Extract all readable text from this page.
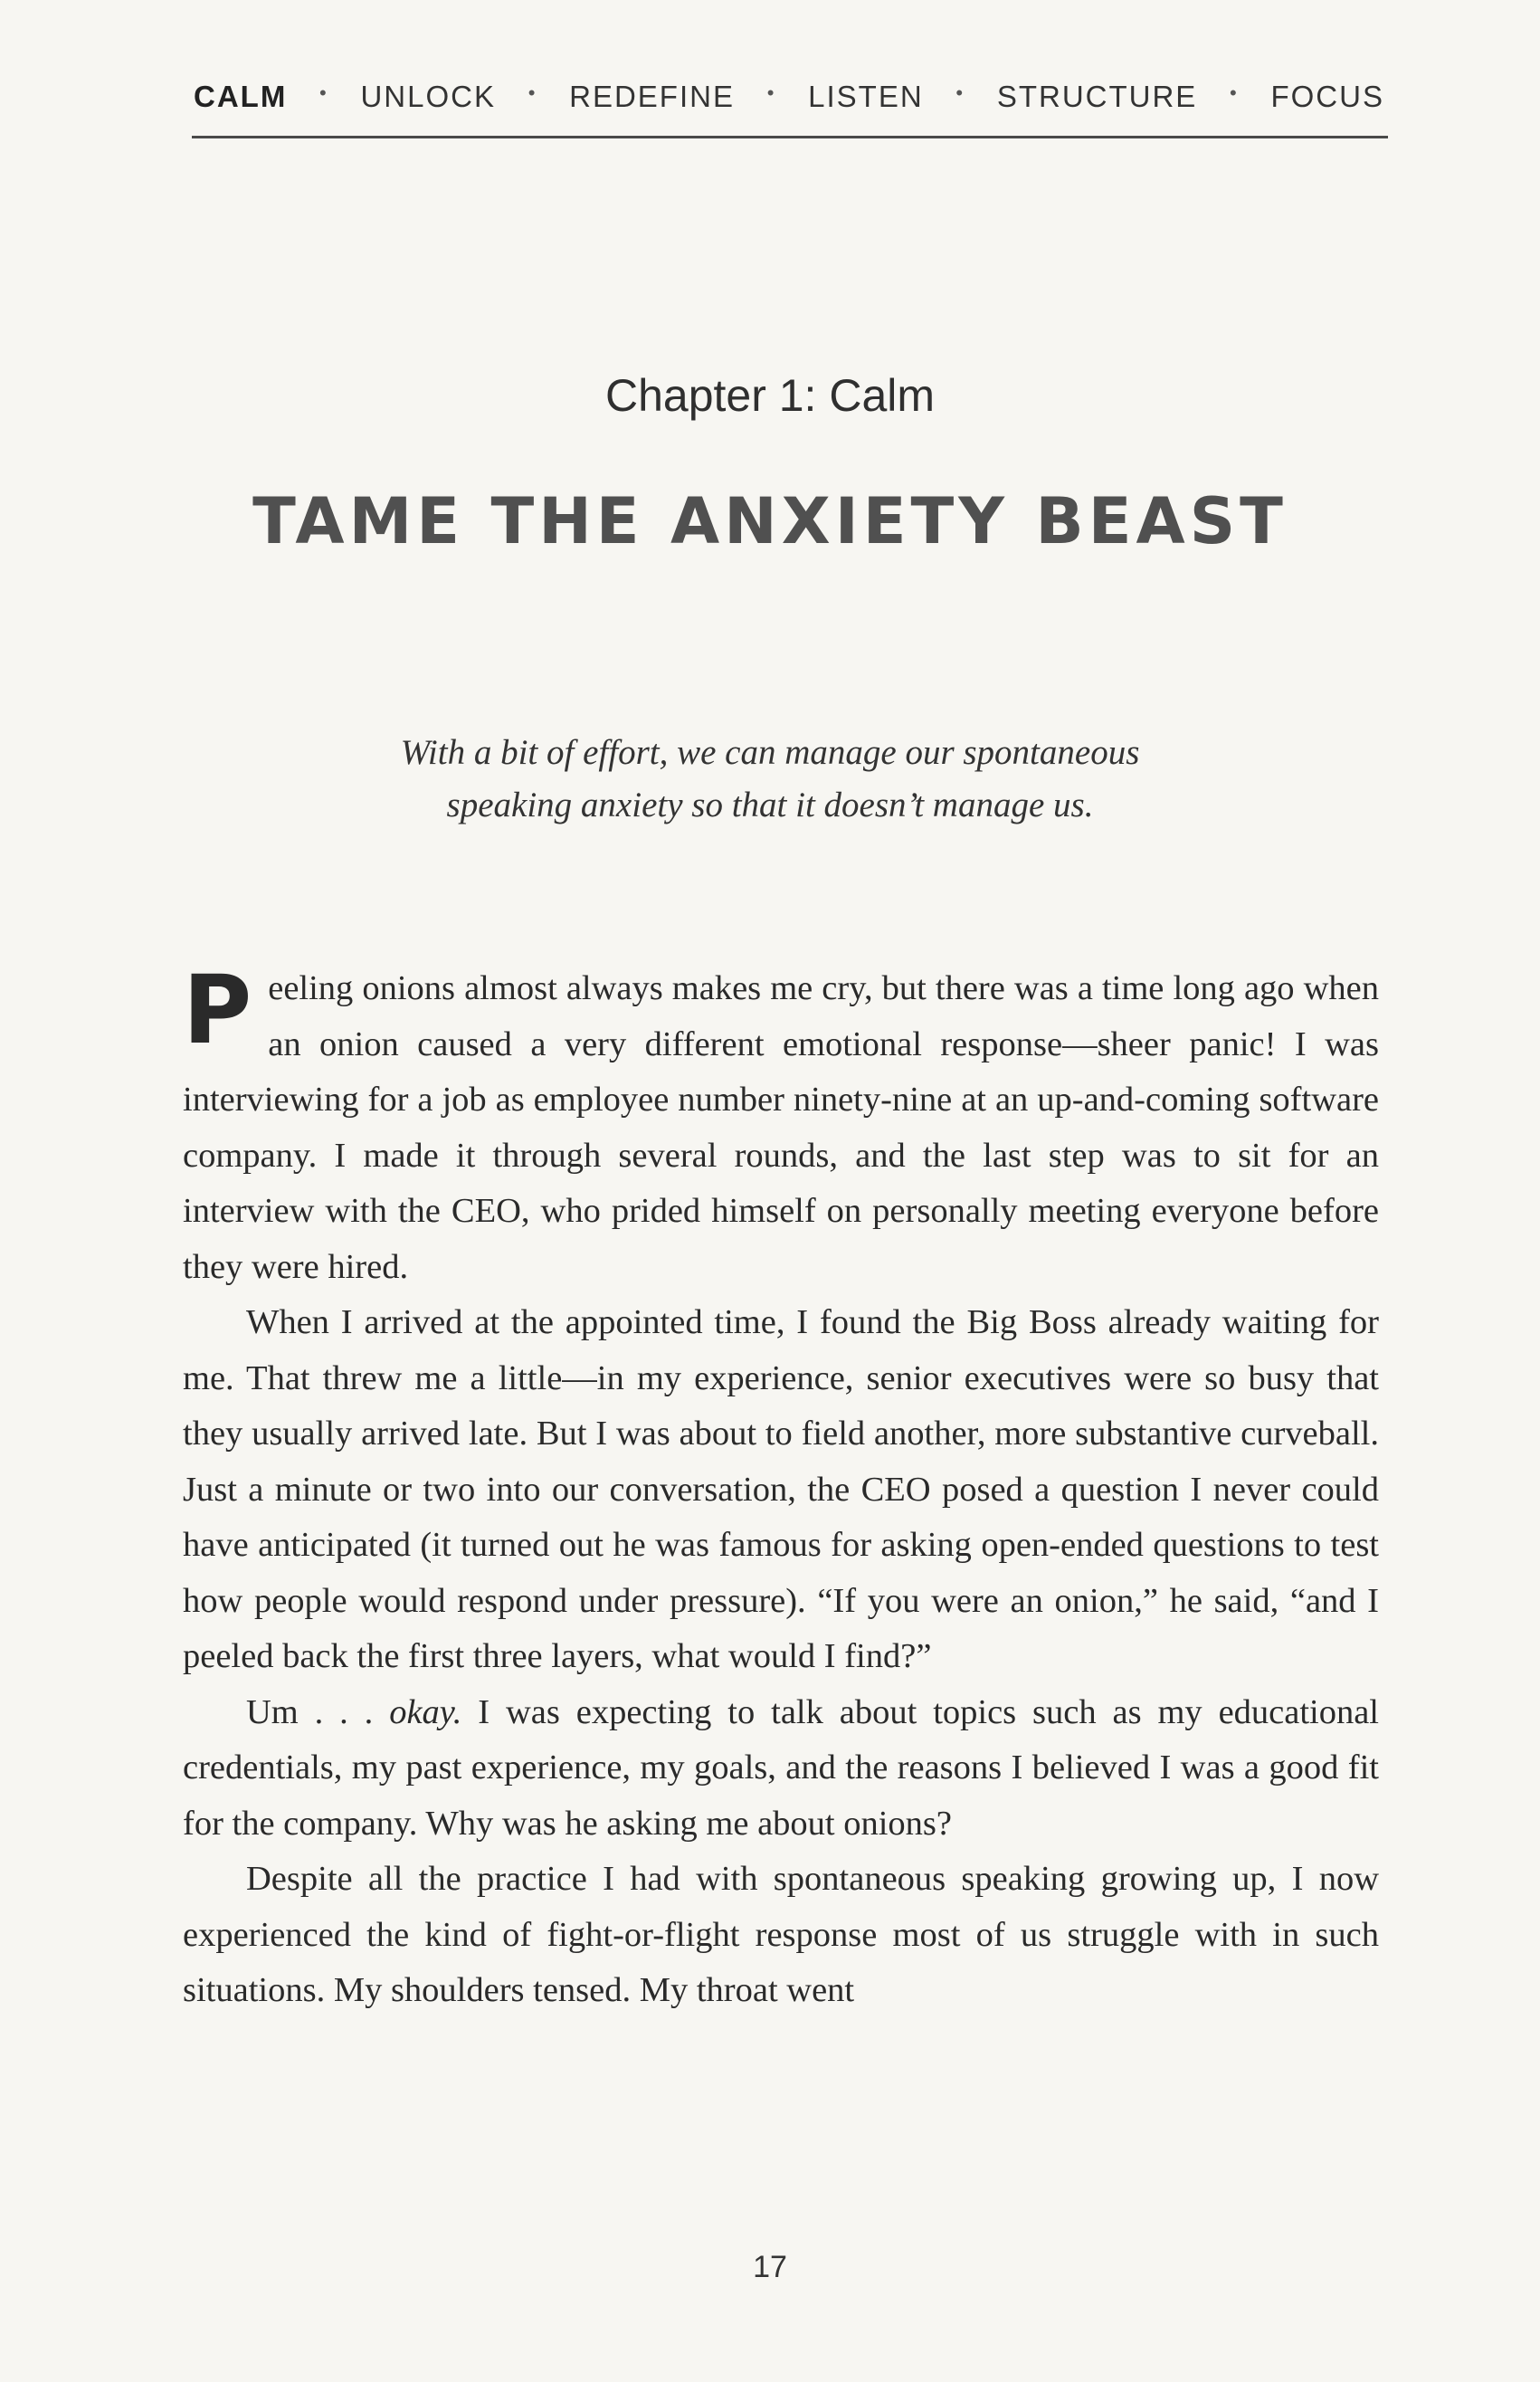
CALM • UNLOCK • REDEFINE • LISTEN • STRUCTURE • FOCUS
Chapter 1: Calm
TAME THE ANXIETY BEAST
With a bit of effort, we can manage our spontaneous
speaking anxiety so that it doesn’t manage us.

Peeling onions almost always makes me cry, but there was a time long ago when an onion caused a very different emotional response—sheer panic! I was interviewing for a job as employee number ninety-nine at an up-and-coming software company. I made it through several rounds, and the last step was to sit for an interview with the CEO, who prided himself on personally meeting everyone before they were hired.

When I arrived at the appointed time, I found the Big Boss already waiting for me. That threw me a little—in my experience, senior executives were so busy that they usually arrived late. But I was about to field another, more substantive curveball. Just a minute or two into our conversation, the CEO posed a question I never could have anticipated (it turned out he was famous for asking open-ended questions to test how people would respond under pressure). “If you were an onion,” he said, “and I peeled back the first three layers, what would I find?”

Um . . . okay. I was expecting to talk about topics such as my educational credentials, my past experience, my goals, and the reasons I believed I was a good fit for the company. Why was he asking me about onions?

Despite all the practice I had with spontaneous speaking growing up, I now experienced the kind of fight-or-flight response most of us struggle with in such situations. My shoulders tensed. My throat went

17
